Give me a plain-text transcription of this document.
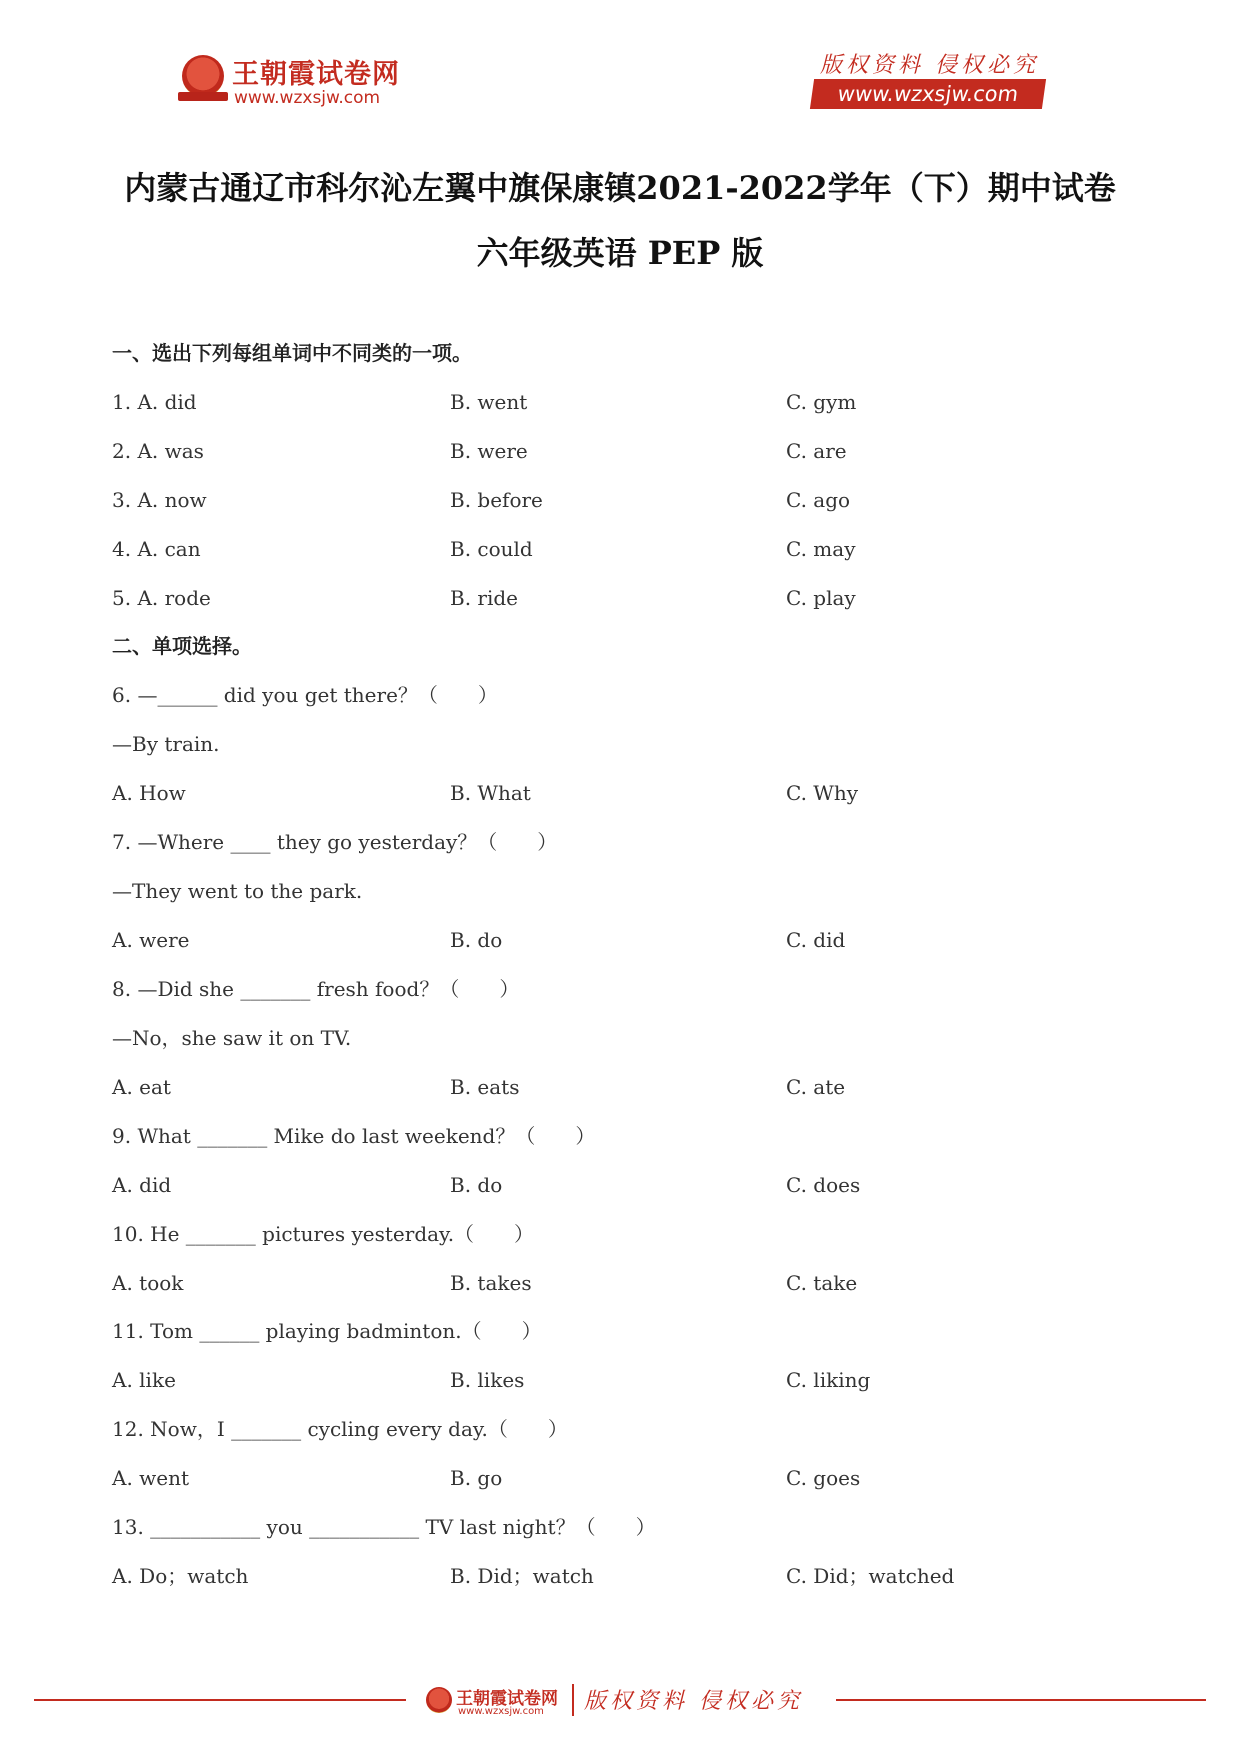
王朝霞试卷网
www.wzxsjw.com
版权资料 侵权必究
www.wzxsjw.com
内蒙古通辽市科尔沁左翼中旗保康镇2021-2022学年（下）期中试卷
六年级英语 PEP 版
一、选出下列每组单词中不同类的一项。
1. A. did	B. went	C. gym
2. A. was	B. were	C. are
3. A. now	B. before	C. ago
4. A. can	B. could	C. may
5. A. rode	B. ride	C. play
二、单项选择。
6. —______ did you get there？（　　）
—By train.
A. How	B. What	C. Why
7. —Where ____ they go yesterday？（　　）
—They went to the park.
A. were	B. do	C. did
8. —Did she _______ fresh food？（　　）
—No，she saw it on TV.
A. eat	B. eats	C. ate
9. What _______ Mike do last weekend？（　　）
A. did	B. do	C. does
10. He _______ pictures yesterday.（　　）
A. took	B. takes	C. take
11. Tom ______ playing badminton.（　　）
A. like	B. likes	C. liking
12. Now，I _______ cycling every day.（　　）
A. went	B. go	C. goes
13. ___________ you ___________ TV last night？（　　）
A. Do；watch	B. Did；watch	C. Did；watched
王朝霞试卷网
www.wzxsjw.com 版权资料 侵权必究
